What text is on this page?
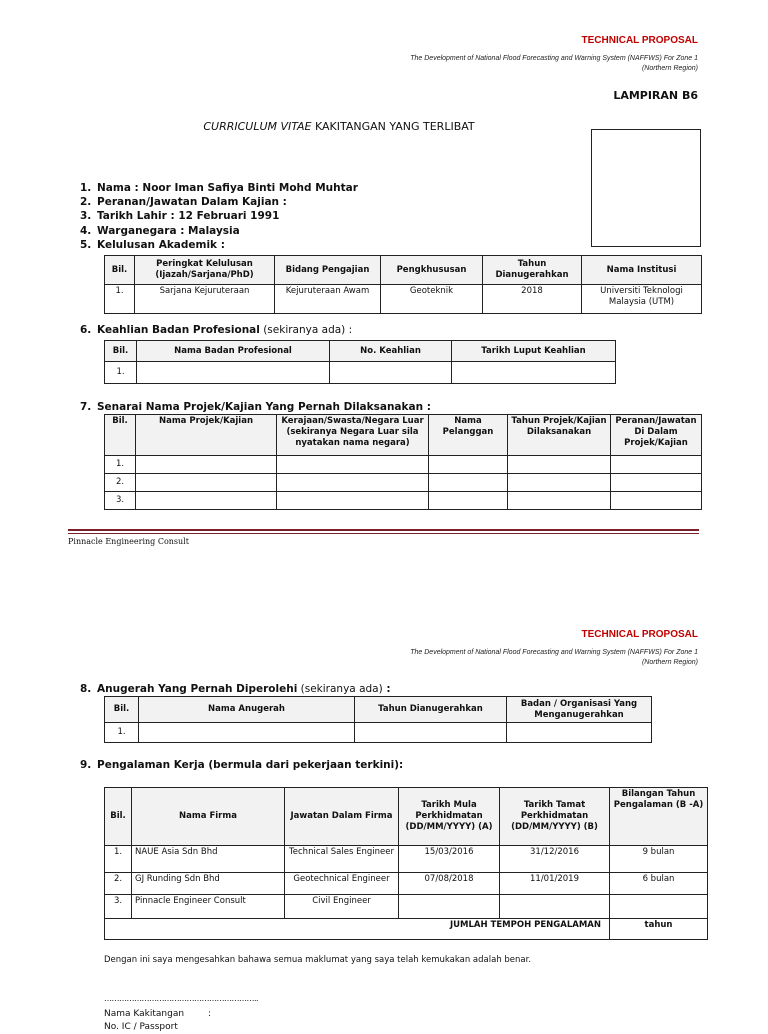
TECHNICAL PROPOSAL
The Development of National Flood Forecasting and Warning System (NAFFWS) For Zone 1
(Northern Region)
LAMPIRAN B6
CURRICULUM VITAE KAKITANGAN YANG TERLIBAT
1. Nama : Noor Iman Safiya Binti Mohd Muhtar
2. Peranan/Jawatan Dalam Kajian :
3. Tarikh Lahir : 12 Februari 1991
4. Warganegara : Malaysia
5. Kelulusan Akademik :
Bil.	Peringkat Kelulusan (Ijazah/Sarjana/PhD)	Bidang Pengajian	Pengkhususan	Tahun Dianugerahkan	Nama Institusi
1.	Sarjana Kejuruteraan	Kejuruteraan Awam	Geoteknik	2018	Universiti Teknologi Malaysia (UTM)
6. Keahlian Badan Profesional (sekiranya ada) :
Bil.	Nama Badan Profesional	No. Keahlian	Tarikh Luput Keahlian
1.			
7. Senarai Nama Projek/Kajian Yang Pernah Dilaksanakan :
Bil.	Nama Projek/Kajian	Kerajaan/Swasta/Negara Luar (sekiranya Negara Luar sila nyatakan nama negara)	Nama Pelanggan	Tahun Projek/Kajian Dilaksanakan	Peranan/Jawatan Di Dalam Projek/Kajian
1.					
2.					
3.					
Pinnacle Engineering Consult
TECHNICAL PROPOSAL
The Development of National Flood Forecasting and Warning System (NAFFWS) For Zone 1
(Northern Region)
8. Anugerah Yang Pernah Diperolehi (sekiranya ada) :
Bil.	Nama Anugerah	Tahun Dianugerahkan	Badan / Organisasi Yang Menganugerahkan
1.			
9. Pengalaman Kerja (bermula dari pekerjaan terkini):
Bil.	Nama Firma	Jawatan Dalam Firma	Tarikh Mula Perkhidmatan (DD/MM/YYYY) (A)	Tarikh Tamat Perkhidmatan (DD/MM/YYYY) (B)	Bilangan Tahun Pengalaman (B -A)
1.	NAUE Asia Sdn Bhd	Technical Sales Engineer	15/03/2016	31/12/2016	9 bulan
2.	GJ Runding Sdn Bhd	Geotechnical Engineer	07/08/2018	11/01/2019	6 bulan
3.	Pinnacle Engineer Consult	Civil Engineer			
JUMLAH TEMPOH PENGALAMAN					tahun
Dengan ini saya mengesahkan bahawa semua maklumat yang saya telah kemukakan adalah benar.
……………………………………………………..
Nama Kakitangan	:
No. IC / Passport
